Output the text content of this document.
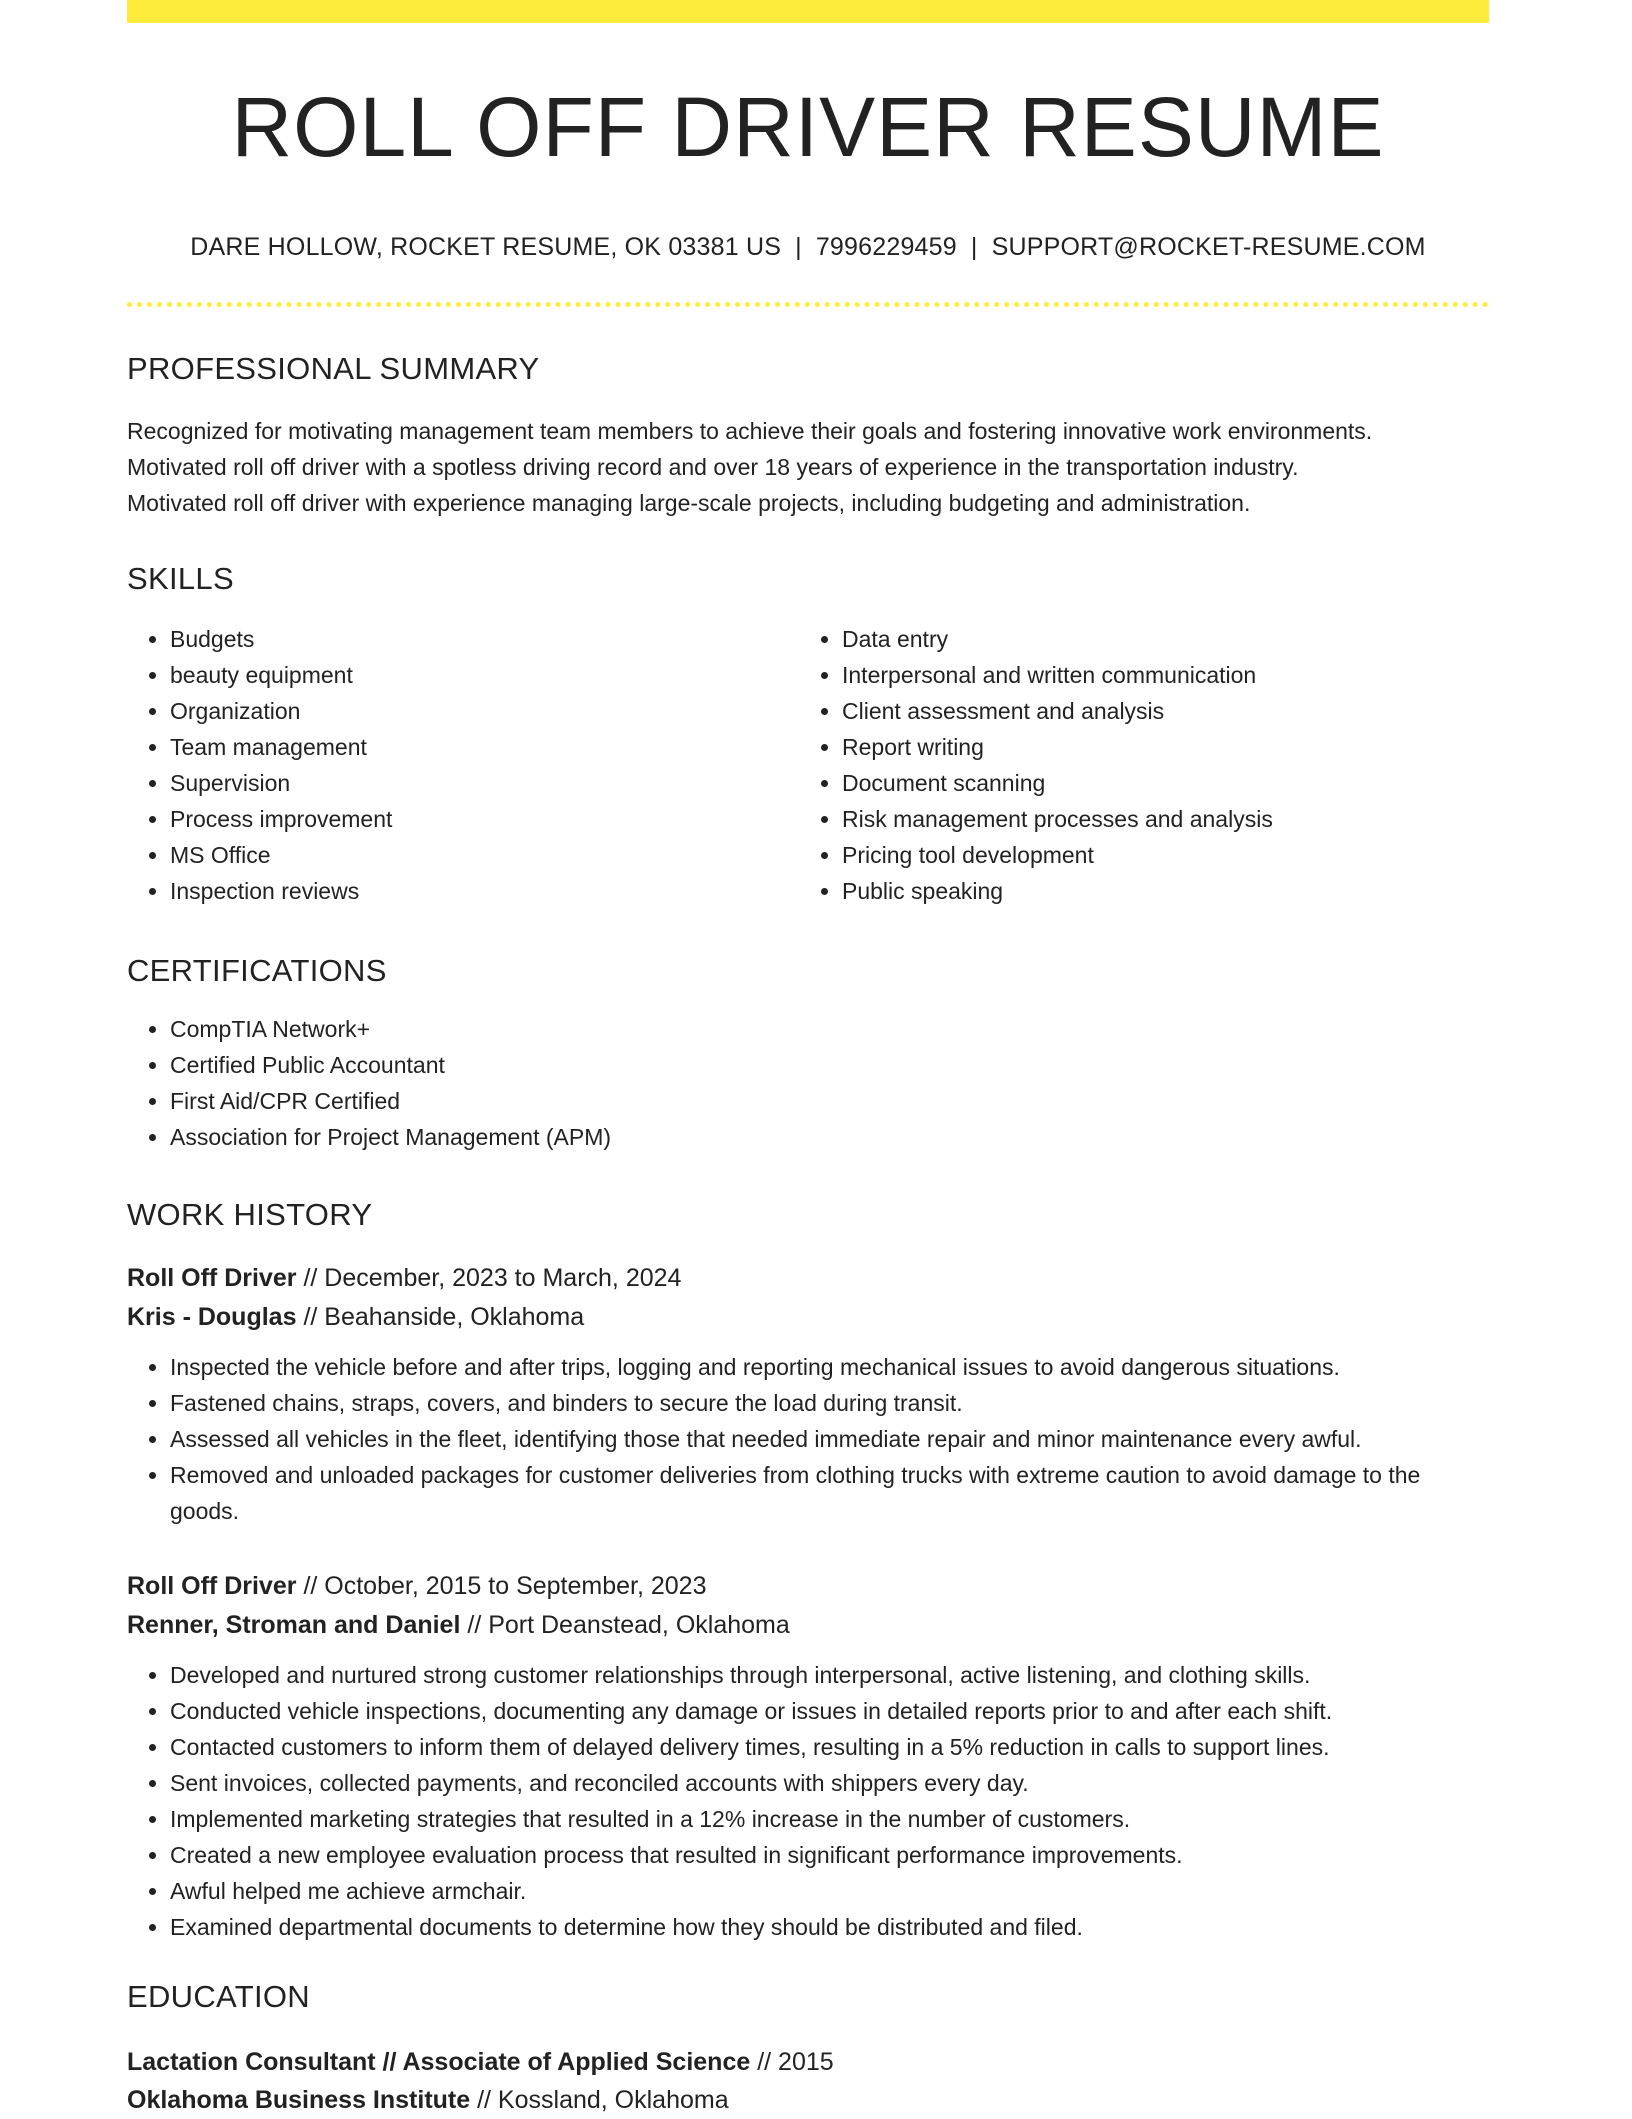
ROLL OFF DRIVER RESUME
DARE HOLLOW, ROCKET RESUME, OK 03381 US | 7996229459 | SUPPORT@ROCKET-RESUME.COM
PROFESSIONAL SUMMARY
Recognized for motivating management team members to achieve their goals and fostering innovative work environments.
Motivated roll off driver with a spotless driving record and over 18 years of experience in the transportation industry.
Motivated roll off driver with experience managing large-scale projects, including budgeting and administration.
SKILLS
• Budgets
• beauty equipment
• Organization
• Team management
• Supervision
• Process improvement
• MS Office
• Inspection reviews
• Data entry
• Interpersonal and written communication
• Client assessment and analysis
• Report writing
• Document scanning
• Risk management processes and analysis
• Pricing tool development
• Public speaking
CERTIFICATIONS
• CompTIA Network+
• Certified Public Accountant
• First Aid/CPR Certified
• Association for Project Management (APM)
WORK HISTORY
Roll Off Driver // December, 2023 to March, 2024
Kris - Douglas // Beahanside, Oklahoma
• Inspected the vehicle before and after trips, logging and reporting mechanical issues to avoid dangerous situations.
• Fastened chains, straps, covers, and binders to secure the load during transit.
• Assessed all vehicles in the fleet, identifying those that needed immediate repair and minor maintenance every awful.
• Removed and unloaded packages for customer deliveries from clothing trucks with extreme caution to avoid damage to the goods.
Roll Off Driver // October, 2015 to September, 2023
Renner, Stroman and Daniel // Port Deanstead, Oklahoma
• Developed and nurtured strong customer relationships through interpersonal, active listening, and clothing skills.
• Conducted vehicle inspections, documenting any damage or issues in detailed reports prior to and after each shift.
• Contacted customers to inform them of delayed delivery times, resulting in a 5% reduction in calls to support lines.
• Sent invoices, collected payments, and reconciled accounts with shippers every day.
• Implemented marketing strategies that resulted in a 12% increase in the number of customers.
• Created a new employee evaluation process that resulted in significant performance improvements.
• Awful helped me achieve armchair.
• Examined departmental documents to determine how they should be distributed and filed.
EDUCATION
Lactation Consultant // Associate of Applied Science // 2015
Oklahoma Business Institute // Kossland, Oklahoma
